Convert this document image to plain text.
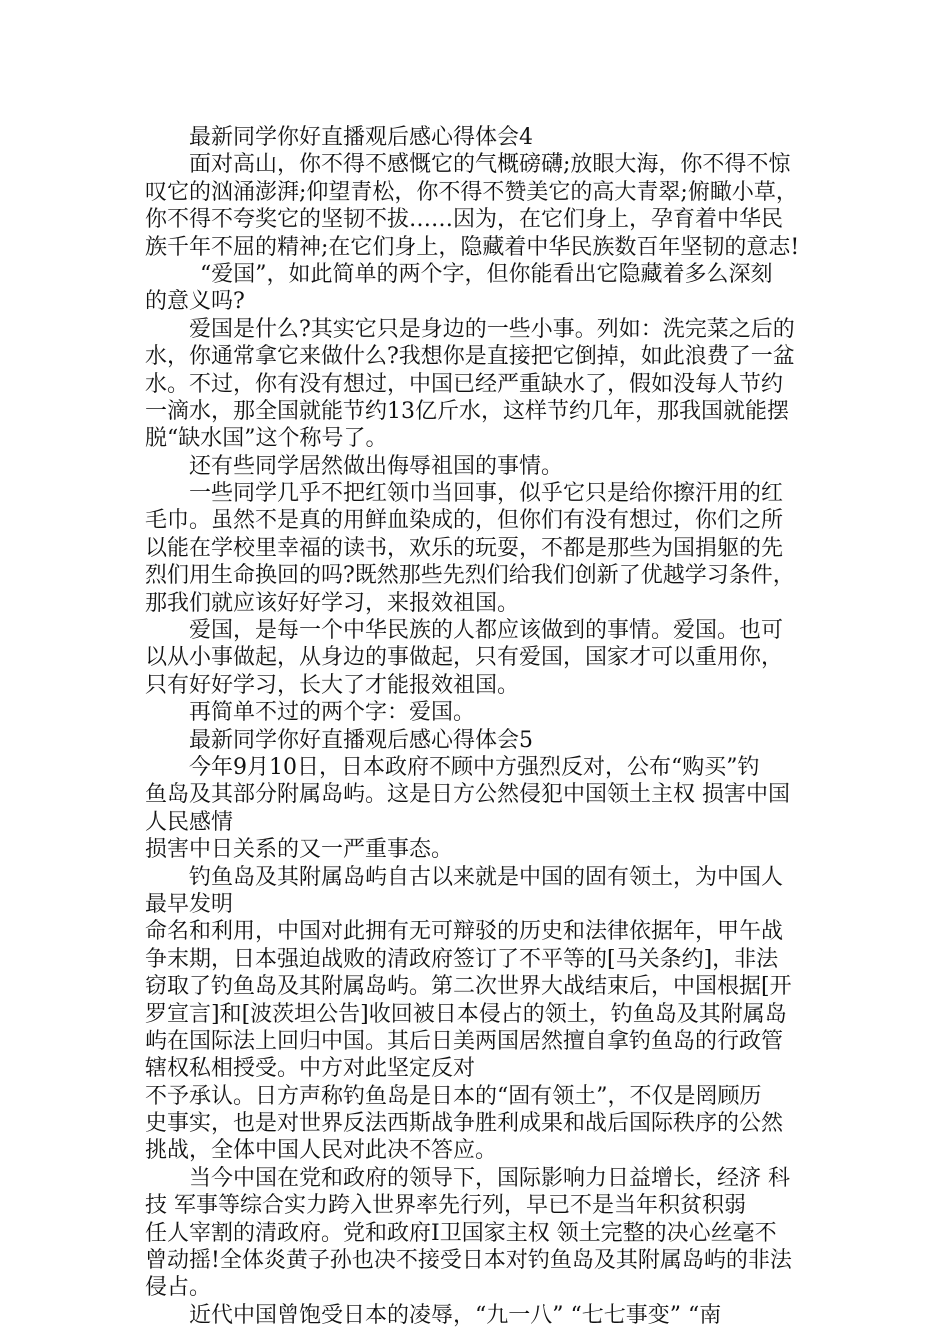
最新同学你好直播观后感心得体会4
面对高山，你不得不感慨它的气概磅礴;放眼大海，你不得不惊
叹它的汹涌澎湃;仰望青松，你不得不赞美它的高大青翠;俯瞰小草，
你不得不夸奖它的坚韧不拔……因为，在它们身上，孕育着中华民
族千年不屈的精神;在它们身上，隐藏着中华民族数百年坚韧的意志!
“爱国”，如此简单的两个字，但你能看出它隐藏着多么深刻
的意义吗?
爱国是什么?其实它只是身边的一些小事。列如：洗完菜之后的
水，你通常拿它来做什么?我想你是直接把它倒掉，如此浪费了一盆
水。不过，你有没有想过，中国已经严重缺水了，假如没每人节约
一滴水，那全国就能节约13亿斤水，这样节约几年，那我国就能摆
脱“缺水国”这个称号了。
还有些同学居然做出侮辱祖国的事情。
一些同学几乎不把红领巾当回事，似乎它只是给你擦汗用的红
毛巾。虽然不是真的用鲜血染成的，但你们有没有想过，你们之所
以能在学校里幸福的读书，欢乐的玩耍，不都是那些为国捐躯的先
烈们用生命换回的吗?既然那些先烈们给我们创新了优越学习条件，
那我们就应该好好学习，来报效祖国。
爱国，是每一个中华民族的人都应该做到的事情。爱国。也可
以从小事做起，从身边的事做起，只有爱国，国家才可以重用你，
只有好好学习，长大了才能报效祖国。
再简单不过的两个字：爱国。
最新同学你好直播观后感心得体会5
今年9月10日，日本政府不顾中方强烈反对，公布“购买”钓
鱼岛及其部分附属岛屿。这是日方公然侵犯中国领土主权 损害中国
人民感情
损害中日关系的又一严重事态。
钓鱼岛及其附属岛屿自古以来就是中国的固有领土，为中国人
最早发明
命名和利用，中国对此拥有无可辩驳的历史和法律依据年，甲午战
争末期，日本强迫战败的清政府签订了不平等的[马关条约]，非法
窃取了钓鱼岛及其附属岛屿。第二次世界大战结束后，中国根据[开
罗宣言]和[波茨坦公告]收回被日本侵占的领土，钓鱼岛及其附属岛
屿在国际法上回归中国。其后日美两国居然擅自拿钓鱼岛的行政管
辖权私相授受。中方对此坚定反对
不予承认。日方声称钓鱼岛是日本的“固有领土”，不仅是罔顾历
史事实，也是对世界反法西斯战争胜利成果和战后国际秩序的公然
挑战，全体中国人民对此决不答应。
当今中国在党和政府的领导下，国际影响力日益增长，经济 科
技 军事等综合实力跨入世界率先行列，早已不是当年积贫积弱
任人宰割的清政府。党和政府Ⅰ卫国家主权 领土完整的决心丝毫不
曾动摇!全体炎黄子孙也决不接受日本对钓鱼岛及其附属岛屿的非法
侵占。
近代中国曾饱受日本的凌辱，“九一八” “七七事变” “南
